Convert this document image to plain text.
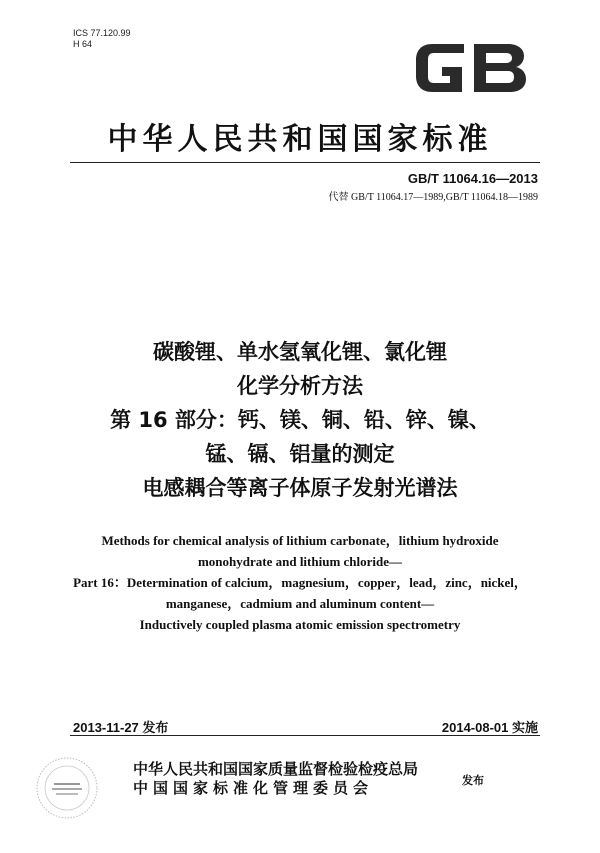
ICS 77.120.99
H 64
中华人民共和国国家标准
GB/T 11064.16—2013
代替 GB/T 11064.17—1989,GB/T 11064.18—1989
碳酸锂、单水氢氧化锂、氯化锂
化学分析方法
第 16 部分：钙、镁、铜、铅、锌、镍、
锰、镉、铝量的测定
电感耦合等离子体原子发射光谱法
Methods for chemical analysis of lithium carbonate，lithium hydroxide
monohydrate and lithium chloride—
Part 16：Determination of calcium，magnesium，copper，lead，zinc，nickel，
manganese，cadmium and aluminum content—
Inductively coupled plasma atomic emission spectrometry
2013-11-27 发布	2014-08-01 实施
中华人民共和国国家质量监督检验检疫总局
中国国家标准化管理委员会	发布
